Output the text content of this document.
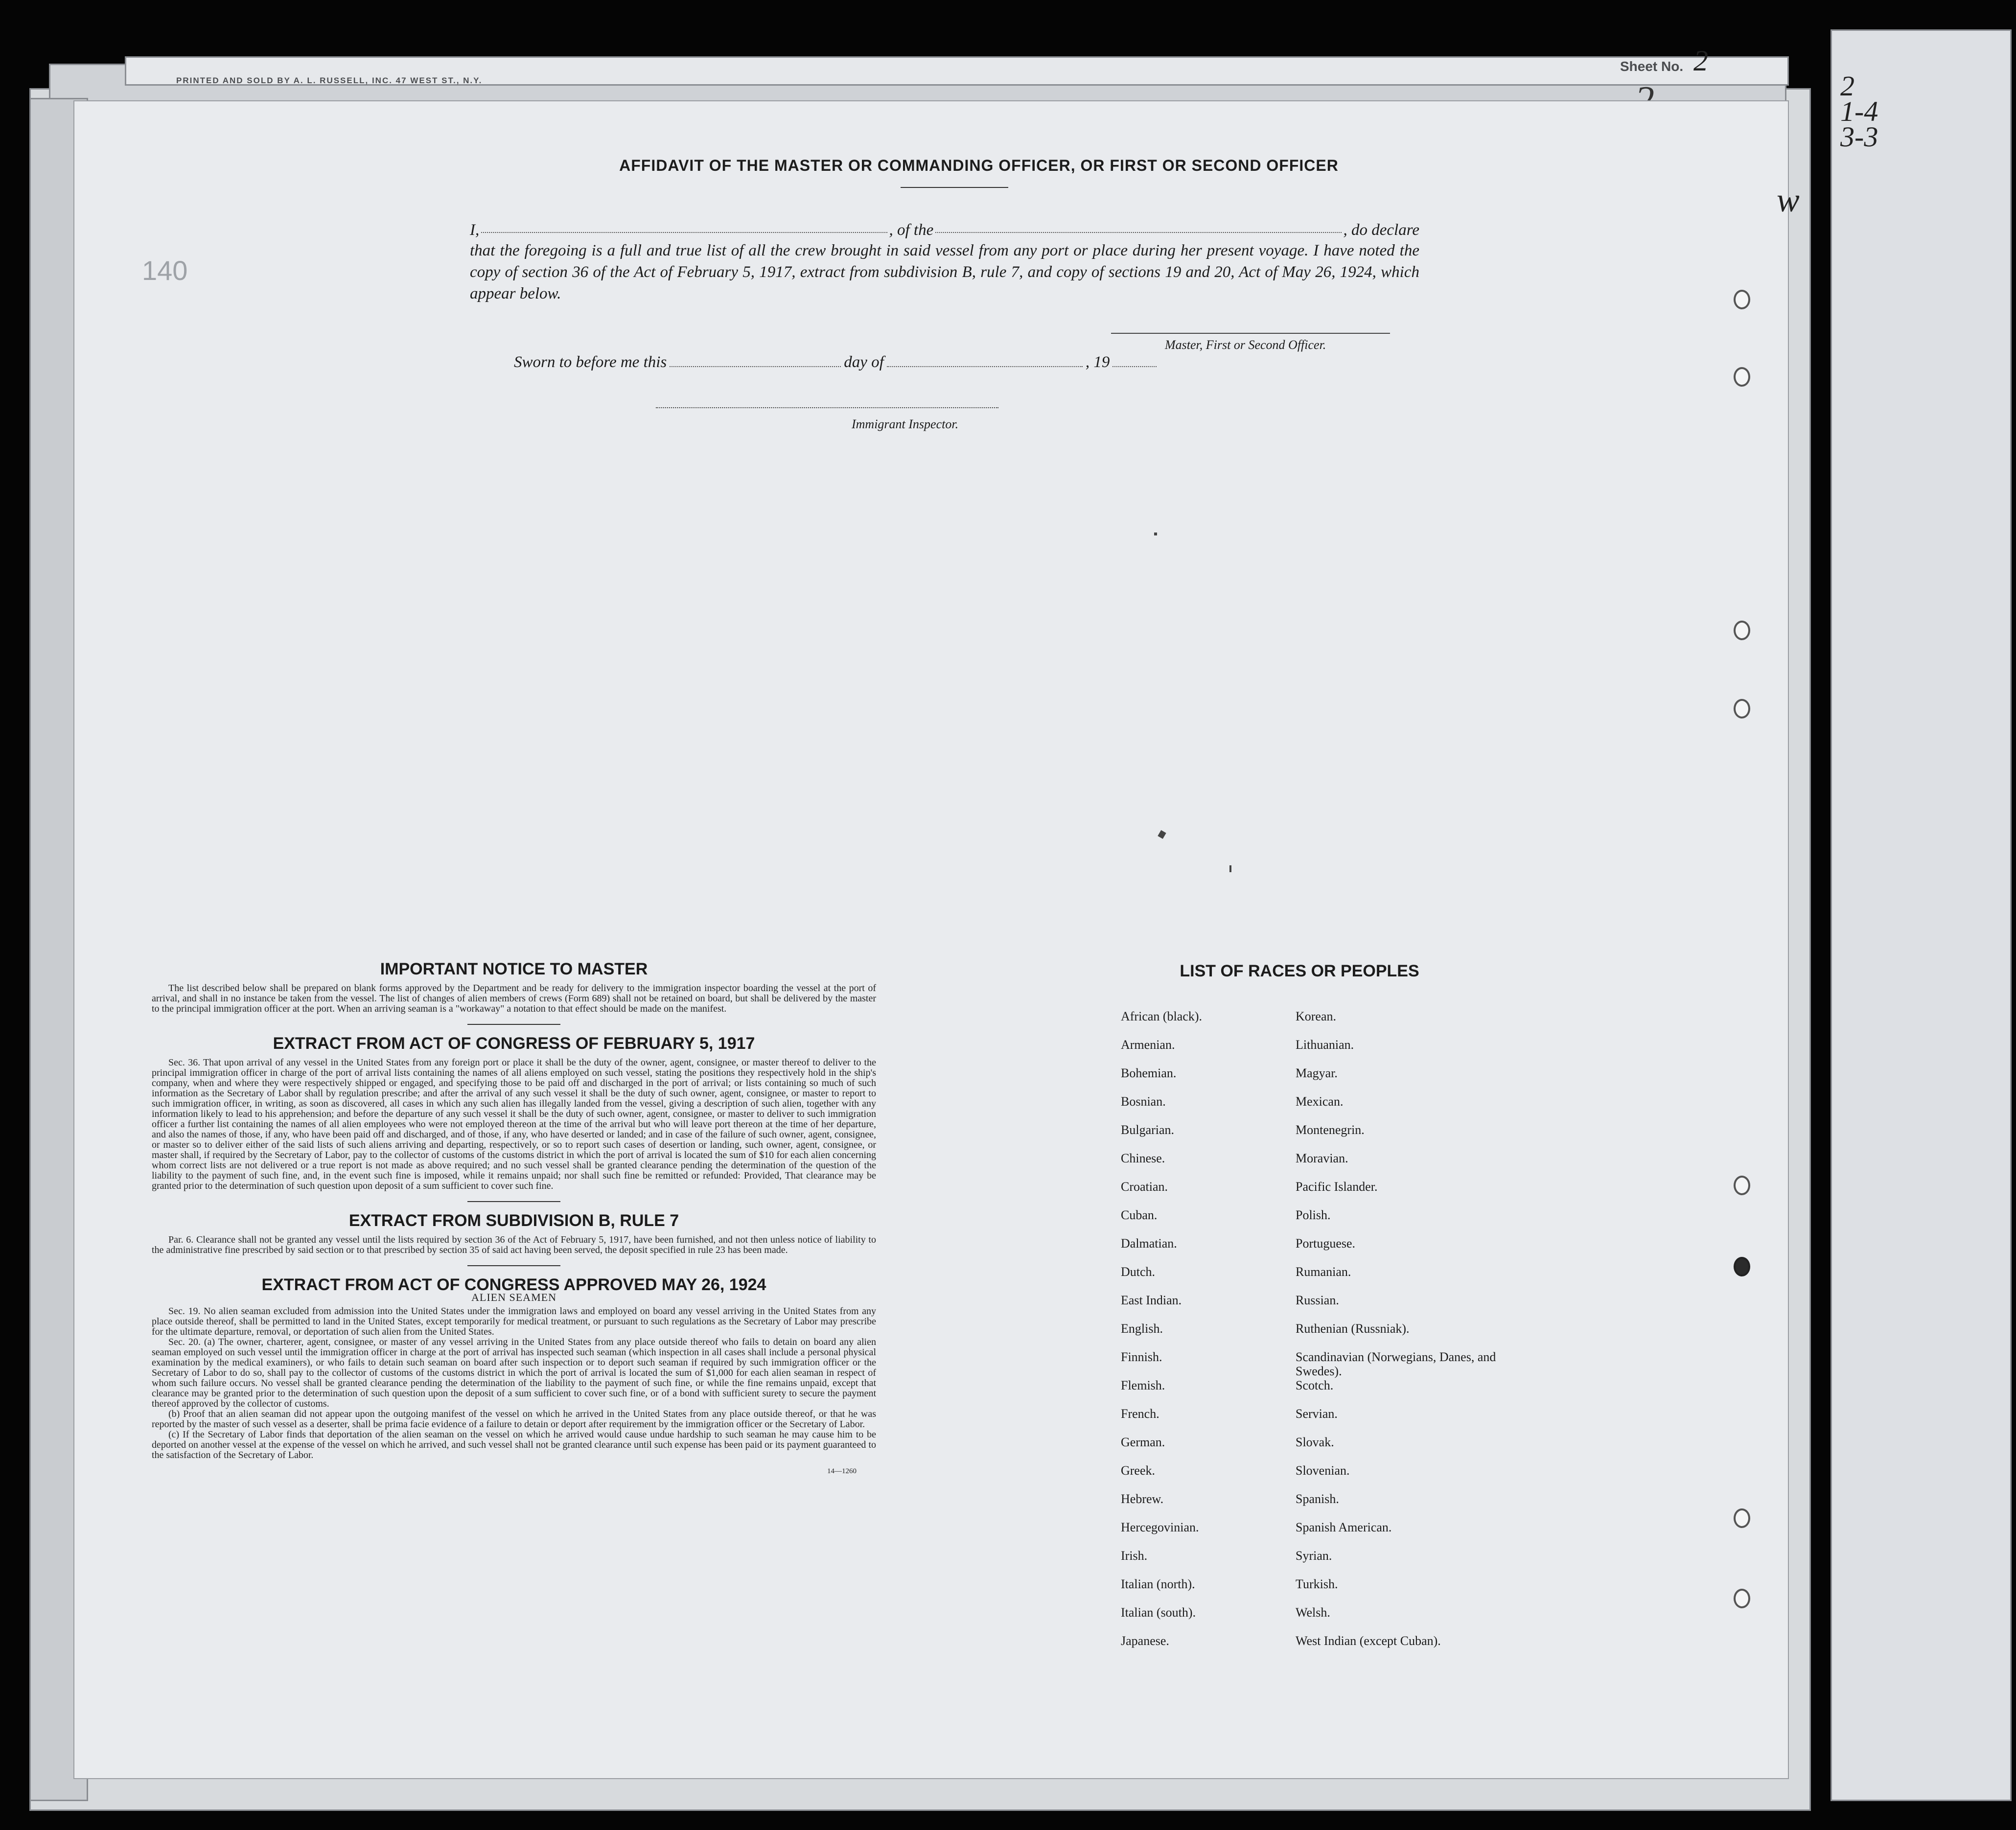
PRINTED AND SOLD BY A. L. RUSSELL, INC. 47 WEST ST., N.Y.
Sheet No. 2
2
1-4
3-3
w
140
AFFIDAVIT OF THE MASTER OR COMMANDING OFFICER, OR FIRST OR SECOND OFFICER
I,	, of the	, do declare
that the foregoing is a full and true list of all the crew brought in said vessel from any port or place during her present voyage. I have noted the copy of section 36 of the Act of February 5, 1917, extract from subdivision B, rule 7, and copy of sections 19 and 20, Act of May 26, 1924, which appear below.
Master, First or Second Officer.
Sworn to before me this	day of	, 19
Immigrant Inspector.
IMPORTANT NOTICE TO MASTER

The list described below shall be prepared on blank forms approved by the Department and be ready for delivery to the immigration inspector boarding the vessel at the port of arrival, and shall in no instance be taken from the vessel. The list of changes of alien members of crews (Form 689) shall not be retained on board, but shall be delivered by the master to the principal immigration officer at the port. When an arriving seaman is a "workaway" a notation to that effect should be made on the manifest.

EXTRACT FROM ACT OF CONGRESS OF FEBRUARY 5, 1917

Sec. 36. That upon arrival of any vessel in the United States from any foreign port or place it shall be the duty of the owner, agent, consignee, or master thereof to deliver to the principal immigration officer in charge of the port of arrival lists containing the names of all aliens employed on such vessel, stating the positions they respectively hold in the ship's company, when and where they were respectively shipped or engaged, and specifying those to be paid off and discharged in the port of arrival; or lists containing so much of such information as the Secretary of Labor shall by regulation prescribe; and after the arrival of any such vessel it shall be the duty of such owner, agent, consignee, or master to report to such immigration officer, in writing, as soon as discovered, all cases in which any such alien has illegally landed from the vessel, giving a description of such alien, together with any information likely to lead to his apprehension; and before the departure of any such vessel it shall be the duty of such owner, agent, consignee, or master to deliver to such immigration officer a further list containing the names of all alien employees who were not employed thereon at the time of the arrival but who will leave port thereon at the time of her departure, and also the names of those, if any, who have been paid off and discharged, and of those, if any, who have deserted or landed; and in case of the failure of such owner, agent, consignee, or master so to deliver either of the said lists of such aliens arriving and departing, respectively, or so to report such cases of desertion or landing, such owner, agent, consignee, or master shall, if required by the Secretary of Labor, pay to the collector of customs of the customs district in which the port of arrival is located the sum of $10 for each alien concerning whom correct lists are not delivered or a true report is not made as above required; and no such vessel shall be granted clearance pending the determination of the question of the liability to the payment of such fine, and, in the event such fine is imposed, while it remains unpaid; nor shall such fine be remitted or refunded: Provided, That clearance may be granted prior to the determination of such question upon deposit of a sum sufficient to cover such fine.

EXTRACT FROM SUBDIVISION B, RULE 7

Par. 6. Clearance shall not be granted any vessel until the lists required by section 36 of the Act of February 5, 1917, have been furnished, and not then unless notice of liability to the administrative fine prescribed by said section or to that prescribed by section 35 of said act having been served, the deposit specified in rule 23 has been made.

EXTRACT FROM ACT OF CONGRESS APPROVED MAY 26, 1924
ALIEN SEAMEN

Sec. 19. No alien seaman excluded from admission into the United States under the immigration laws and employed on board any vessel arriving in the United States from any place outside thereof, shall be permitted to land in the United States, except temporarily for medical treatment, or pursuant to such regulations as the Secretary of Labor may prescribe for the ultimate departure, removal, or deportation of such alien from the United States.

Sec. 20. (a) The owner, charterer, agent, consignee, or master of any vessel arriving in the United States from any place outside thereof who fails to detain on board any alien seaman employed on such vessel until the immigration officer in charge at the port of arrival has inspected such seaman (which inspection in all cases shall include a personal physical examination by the medical examiners), or who fails to detain such seaman on board after such inspection or to deport such seaman if required by such immigration officer or the Secretary of Labor to do so, shall pay to the collector of customs of the customs district in which the port of arrival is located the sum of $1,000 for each alien seaman in respect of whom such failure occurs. No vessel shall be granted clearance pending the determination of the liability to the payment of such fine, or while the fine remains unpaid, except that clearance may be granted prior to the determination of such question upon the deposit of a sum sufficient to cover such fine, or of a bond with sufficient surety to secure the payment thereof approved by the collector of customs.

(b) Proof that an alien seaman did not appear upon the outgoing manifest of the vessel on which he arrived in the United States from any place outside thereof, or that he was reported by the master of such vessel as a deserter, shall be prima facie evidence of a failure to detain or deport after requirement by the immigration officer or the Secretary of Labor.

(c) If the Secretary of Labor finds that deportation of the alien seaman on the vessel on which he arrived would cause undue hardship to such seaman he may cause him to be deported on another vessel at the expense of the vessel on which he arrived, and such vessel shall not be granted clearance until such expense has been paid or its payment guaranteed to the satisfaction of the Secretary of Labor.

14—1260
LIST OF RACES OR PEOPLES
African (black).	Korean.
Armenian.	Lithuanian.
Bohemian.	Magyar.
Bosnian.	Mexican.
Bulgarian.	Montenegrin.
Chinese.	Moravian.
Croatian.	Pacific Islander.
Cuban.	Polish.
Dalmatian.	Portuguese.
Dutch.	Rumanian.
East Indian.	Russian.
English.	Ruthenian (Russniak).
Finnish.	Scandinavian (Norwegians, Danes, and Swedes).
Flemish.	Scotch.
French.	Servian.
German.	Slovak.
Greek.	Slovenian.
Hebrew.	Spanish.
Hercegovinian.	Spanish American.
Irish.	Syrian.
Italian (north).	Turkish.
Italian (south).	Welsh.
Japanese.	West Indian (except Cuban).
